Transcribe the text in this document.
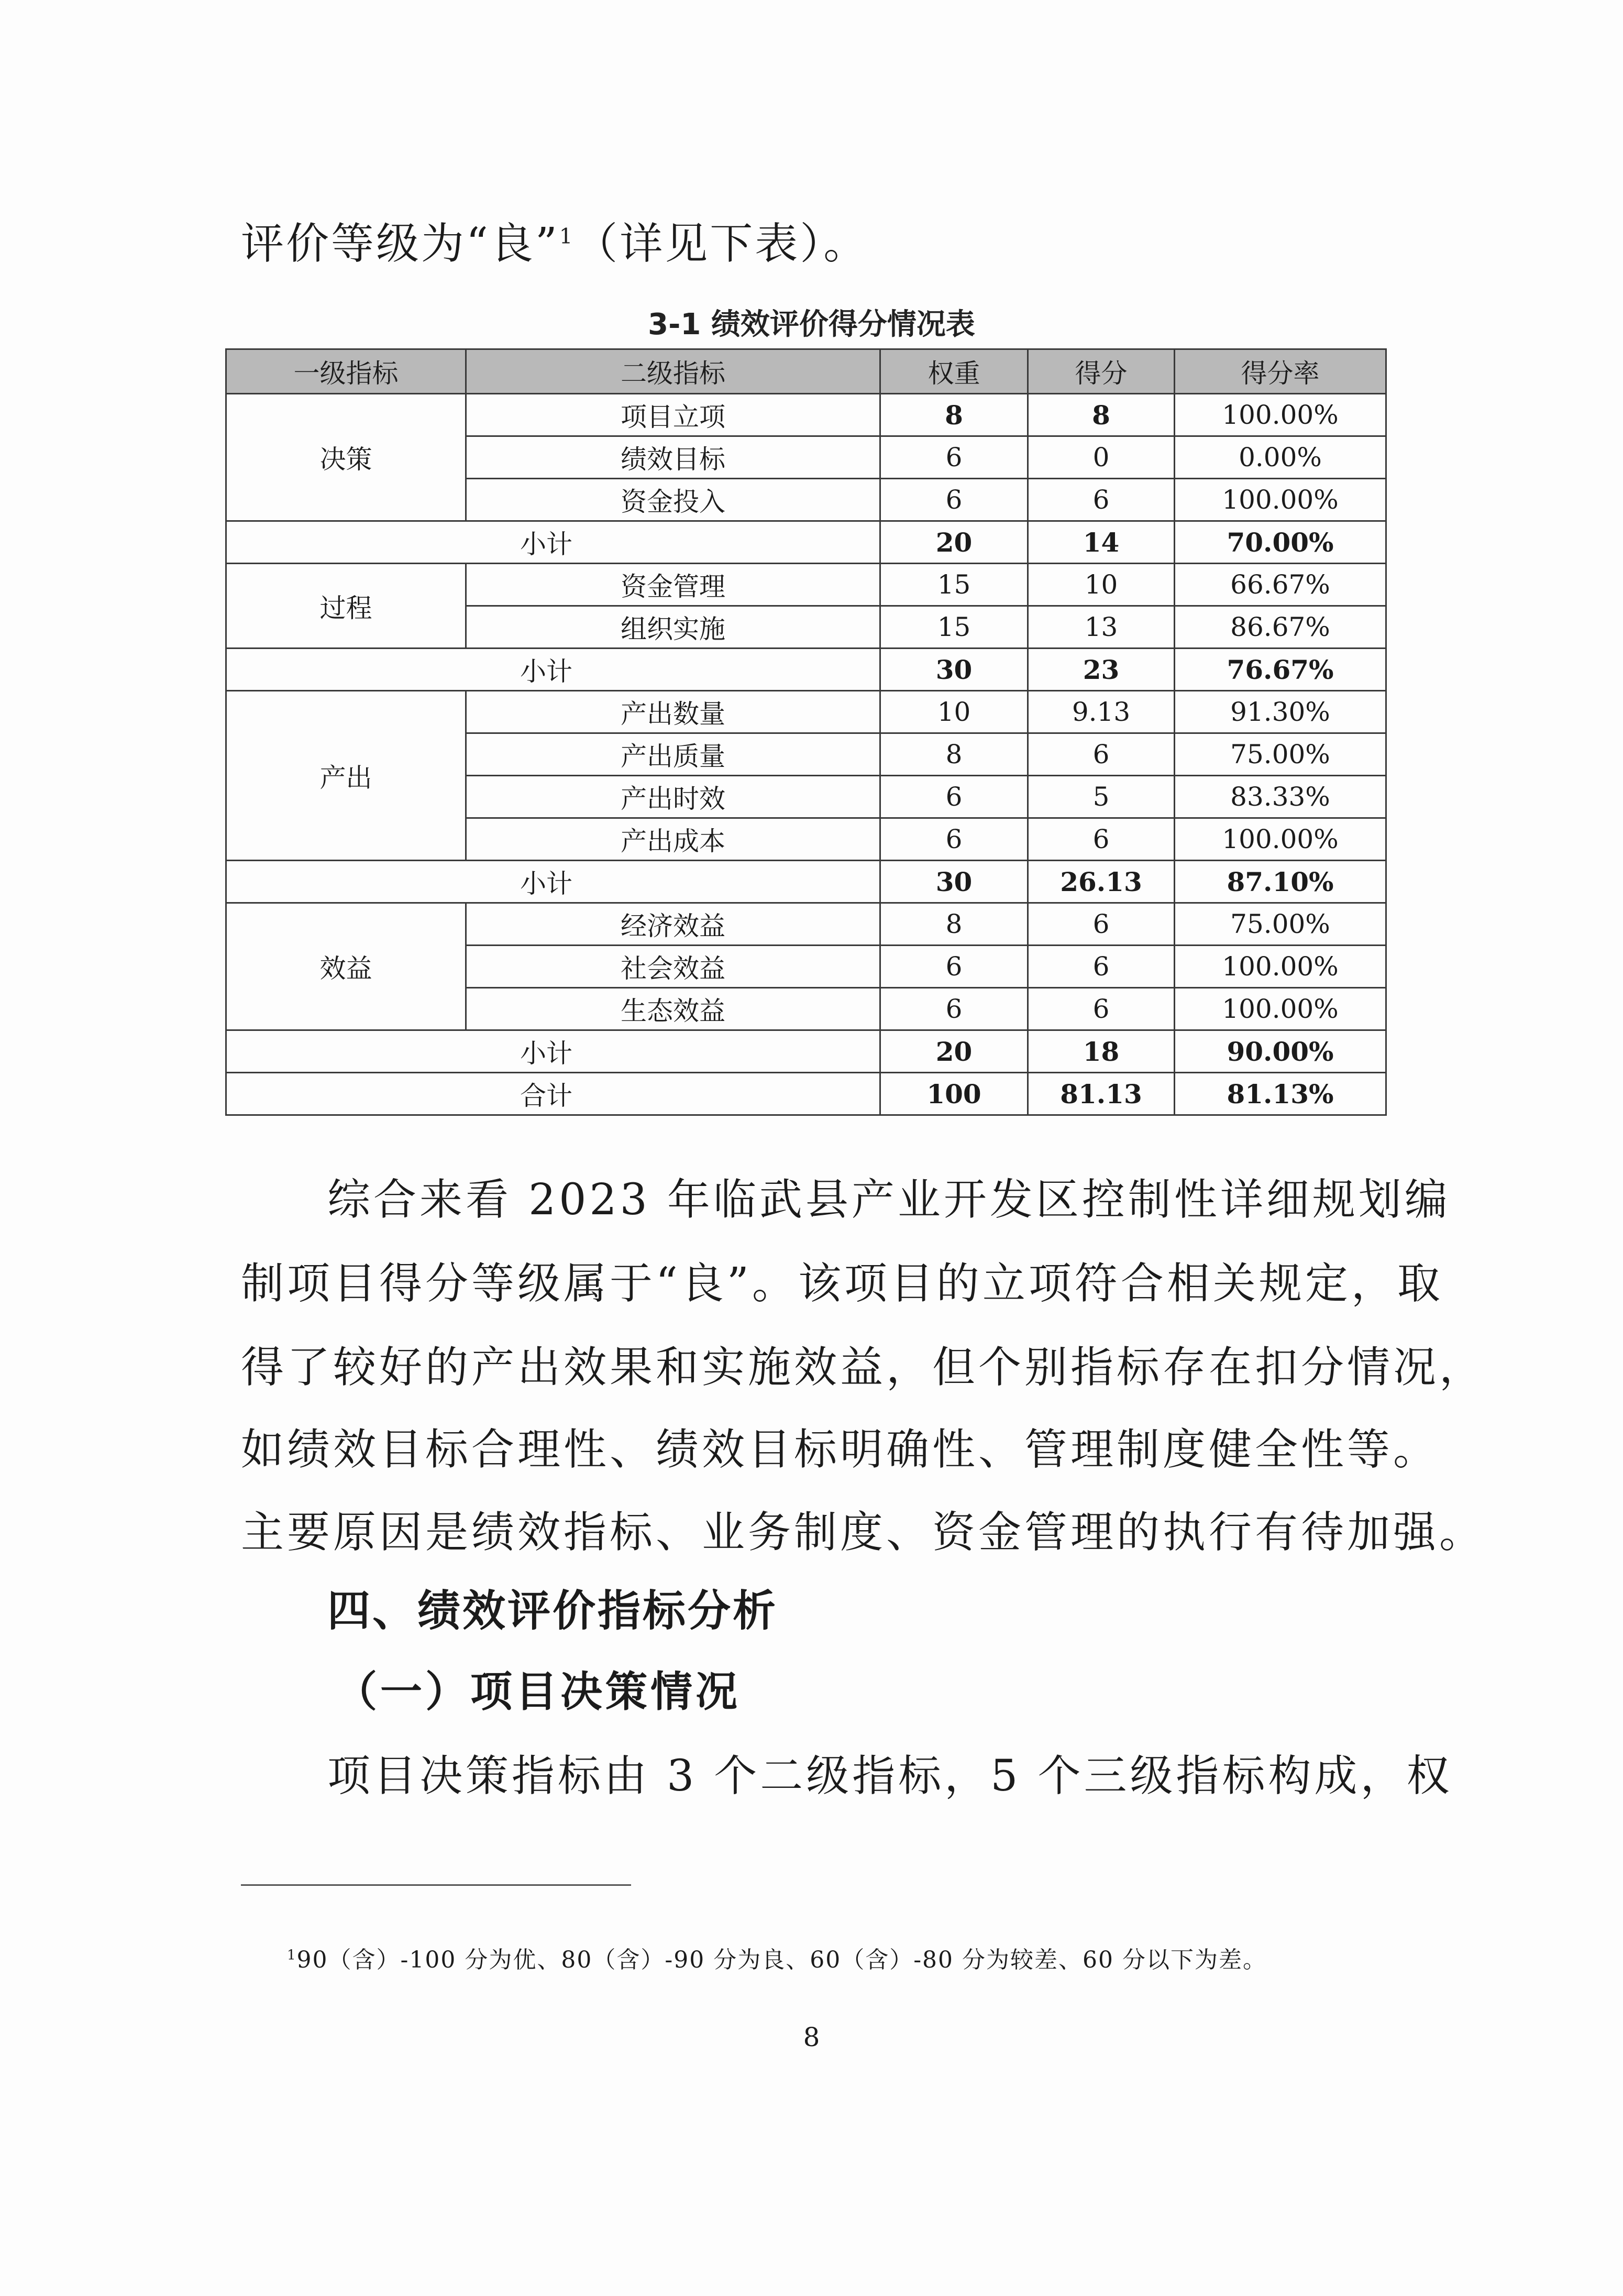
评价等级为“良”$^1$（详见下表）。
3-1 绩效评价得分情况表
一级指标	二级指标	权重	得分	得分率
决策	项目立项	8	8	100.00%
	绩效目标	6	0	0.00%
	资金投入	6	6	100.00%
小计		20	14	70.00%
过程	资金管理	15	10	66.67%
	组织实施	15	13	86.67%
小计		30	23	76.67%
产出	产出数量	10	9.13	91.30%
	产出质量	8	6	75.00%
	产出时效	6	5	83.33%
	产出成本	6	6	100.00%
小计		30	26.13	87.10%
效益	经济效益	8	6	75.00%
	社会效益	6	6	100.00%
	生态效益	6	6	100.00%
小计		20	18	90.00%
合计		100	81.13	81.13%
综合来看 2023 年临武县产业开发区控制性详细规划编
制项目得分等级属于“良”。该项目的立项符合相关规定，取
得了较好的产出效果和实施效益，但个别指标存在扣分情况，
如绩效目标合理性、绩效目标明确性、管理制度健全性等。
主要原因是绩效指标、业务制度、资金管理的执行有待加强。
四、绩效评价指标分析
（一）项目决策情况
项目决策指标由 3 个二级指标，5 个三级指标构成，权
$^1$90（含）-100 分为优、80（含）-90 分为良、60（含）-80 分为较差、60 分以下为差。
8
